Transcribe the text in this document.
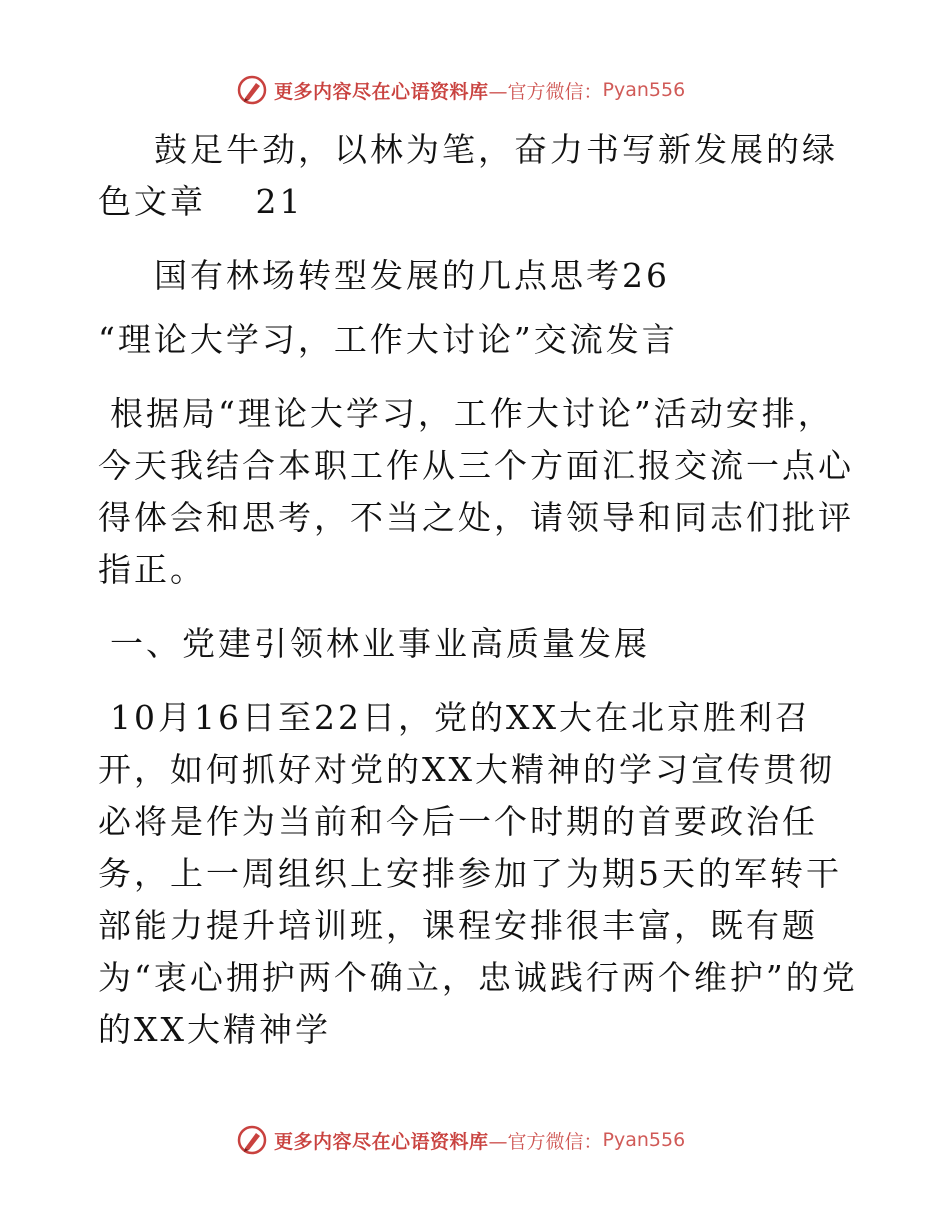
更多内容尽在心语资料库 —官方微信： Pyan556

鼓足牛劲，以林为笔，奋力书写新发展的绿色文章　 21

国有林场转型发展的几点思考26

“理论大学习，工作大讨论”交流发言

根据局“理论大学习，工作大讨论”活动安排，今天我结合本职工作从三个方面汇报交流一点心得体会和思考，不当之处，请领导和同志们批评指正。

一、党建引领林业事业高质量发展

10月16日至22日，党的XX大在北京胜利召开，如何抓好对党的XX大精神的学习宣传贯彻必将是作为当前和今后一个时期的首要政治任务，上一周组织上安排参加了为期5天的军转干部能力提升培训班，课程安排很丰富，既有题为“衷心拥护两个确立，忠诚践行两个维护”的党的XX大精神学

更多内容尽在心语资料库 —官方微信： Pyan556
